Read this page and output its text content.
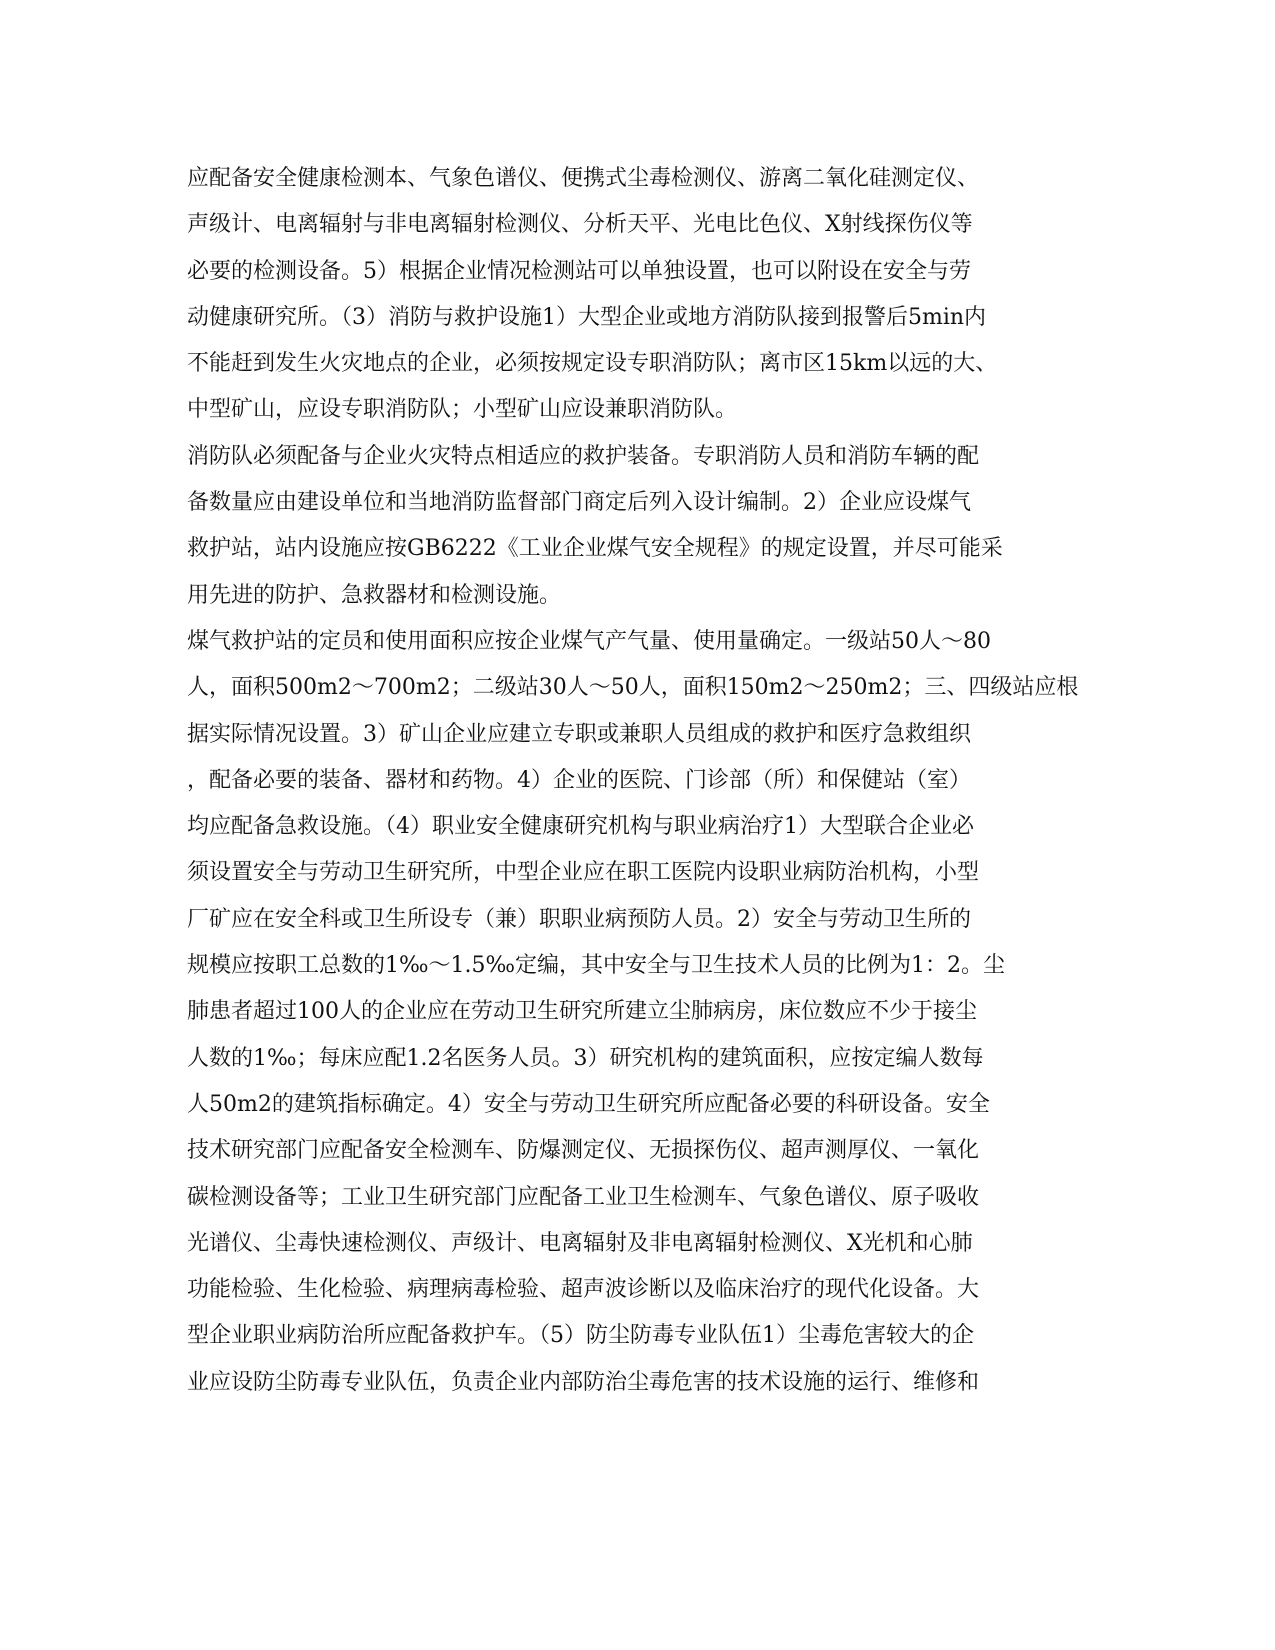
应配备安全健康检测本、气象色谱仪、便携式尘毒检测仪、游离二氧化硅测定仪、
声级计、电离辐射与非电离辐射检测仪、分析天平、光电比色仪、X射线探伤仪等
必要的检测设备。5）根据企业情况检测站可以单独设置，也可以附设在安全与劳
动健康研究所。（3）消防与救护设施1）大型企业或地方消防队接到报警后5min内
不能赶到发生火灾地点的企业，必须按规定设专职消防队；离市区15km以远的大、
中型矿山，应设专职消防队；小型矿山应设兼职消防队。
消防队必须配备与企业火灾特点相适应的救护装备。专职消防人员和消防车辆的配
备数量应由建设单位和当地消防监督部门商定后列入设计编制。2）企业应设煤气
救护站，站内设施应按GB6222《工业企业煤气安全规程》的规定设置，并尽可能采
用先进的防护、急救器材和检测设施。
煤气救护站的定员和使用面积应按企业煤气产气量、使用量确定。一级站50人～80
人，面积500m2～700m2；二级站30人～50人，面积150m2～250m2；三、四级站应根
据实际情况设置。3）矿山企业应建立专职或兼职人员组成的救护和医疗急救组织
，配备必要的装备、器材和药物。4）企业的医院、门诊部（所）和保健站（室）
均应配备急救设施。（4）职业安全健康研究机构与职业病治疗1）大型联合企业必
须设置安全与劳动卫生研究所，中型企业应在职工医院内设职业病防治机构，小型
厂矿应在安全科或卫生所设专（兼）职职业病预防人员。2）安全与劳动卫生所的
规模应按职工总数的1‰～1.5‰定编，其中安全与卫生技术人员的比例为1：2。尘
肺患者超过100人的企业应在劳动卫生研究所建立尘肺病房，床位数应不少于接尘
人数的1‰；每床应配1.2名医务人员。3）研究机构的建筑面积，应按定编人数每
人50m2的建筑指标确定。4）安全与劳动卫生研究所应配备必要的科研设备。安全
技术研究部门应配备安全检测车、防爆测定仪、无损探伤仪、超声测厚仪、一氧化
碳检测设备等；工业卫生研究部门应配备工业卫生检测车、气象色谱仪、原子吸收
光谱仪、尘毒快速检测仪、声级计、电离辐射及非电离辐射检测仪、X光机和心肺
功能检验、生化检验、病理病毒检验、超声波诊断以及临床治疗的现代化设备。大
型企业职业病防治所应配备救护车。（5）防尘防毒专业队伍1）尘毒危害较大的企
业应设防尘防毒专业队伍，负责企业内部防治尘毒危害的技术设施的运行、维修和
